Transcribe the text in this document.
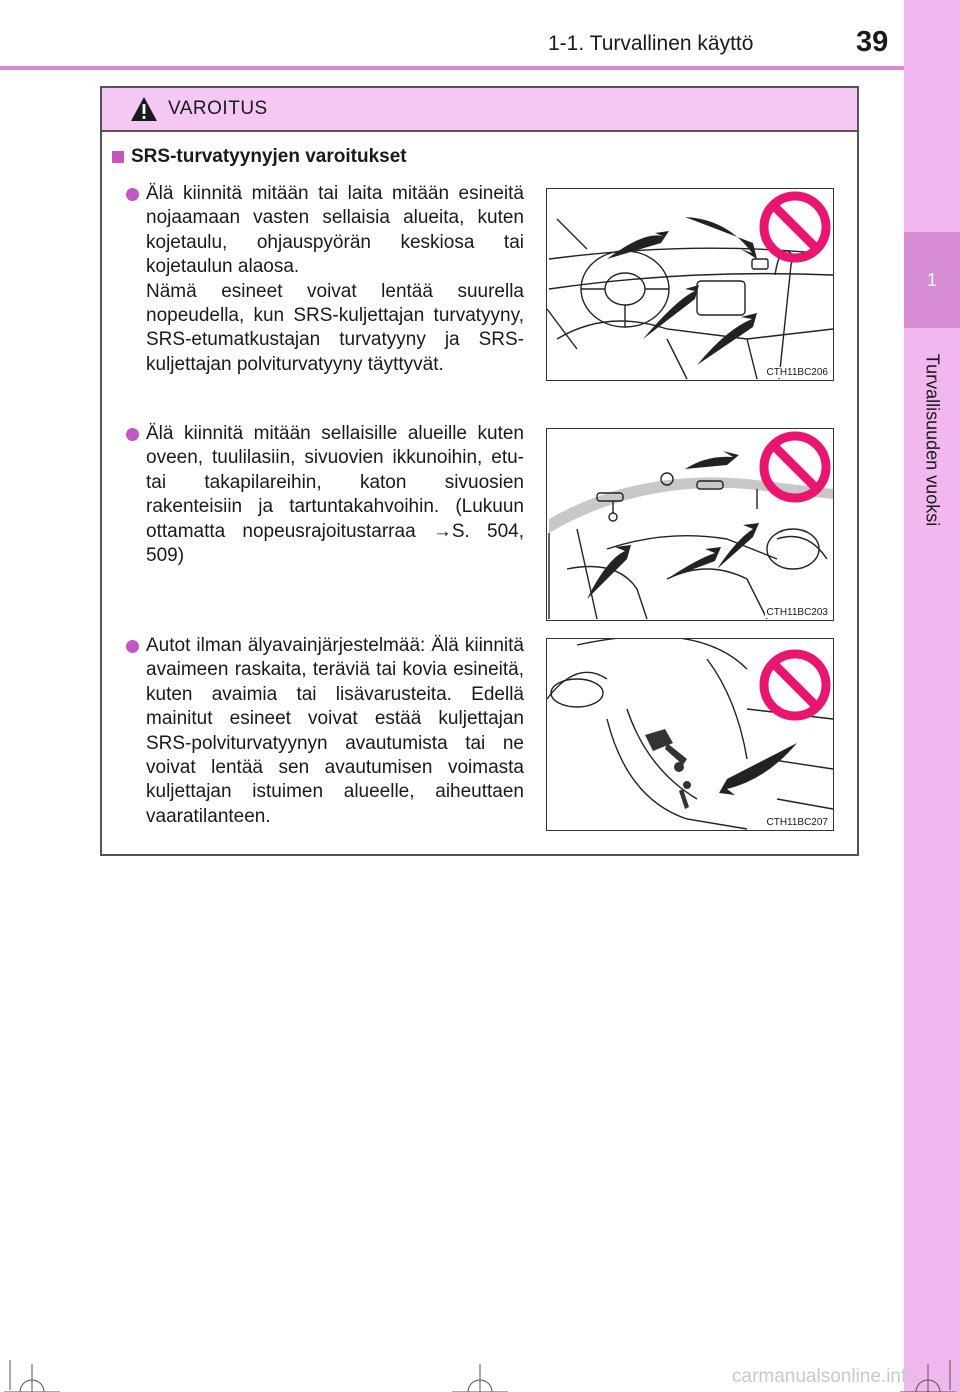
1-1. Turvallinen käyttö	39
1
Turvallisuuden vuoksi
VAROITUS
SRS-turvatyynyjen varoitukset

Älä kiinnitä mitään tai laita mitään esineitä nojaamaan vasten sellaisia alueita, kuten kojetaulu, ohjauspyörän keskiosa tai kojetaulun alaosa.

Nämä esineet voivat lentää suurella nopeudella, kun SRS-kuljettajan turvatyyny, SRS-etumatkustajan turvatyyny ja SRS-kuljettajan polviturvatyyny täyttyvät.	CTH11BC206

Älä kiinnitä mitään sellaisille alueille kuten oveen, tuulilasiin, sivuovien ikkunoihin, etu- tai takapilareihin, katon sivuosien rakenteisiin ja tartuntakahvoihin. (Lukuun ottamatta nopeusrajoitustarraa →S. 504, 509)

CTH11BC203

Autot ilman älyavainjärjestelmää: Älä kiinnitä avaimeen raskaita, teräviä tai kovia esineitä, kuten avaimia tai lisävarusteita. Edellä mainitut esineet voivat estää kuljettajan SRS-polviturvatyynyn avautumista tai ne voivat lentää sen avautumisen voimasta kuljettajan istuimen alueelle, aiheuttaen vaaratilanteen.	CTH11BC207
carmanualsonline.info
